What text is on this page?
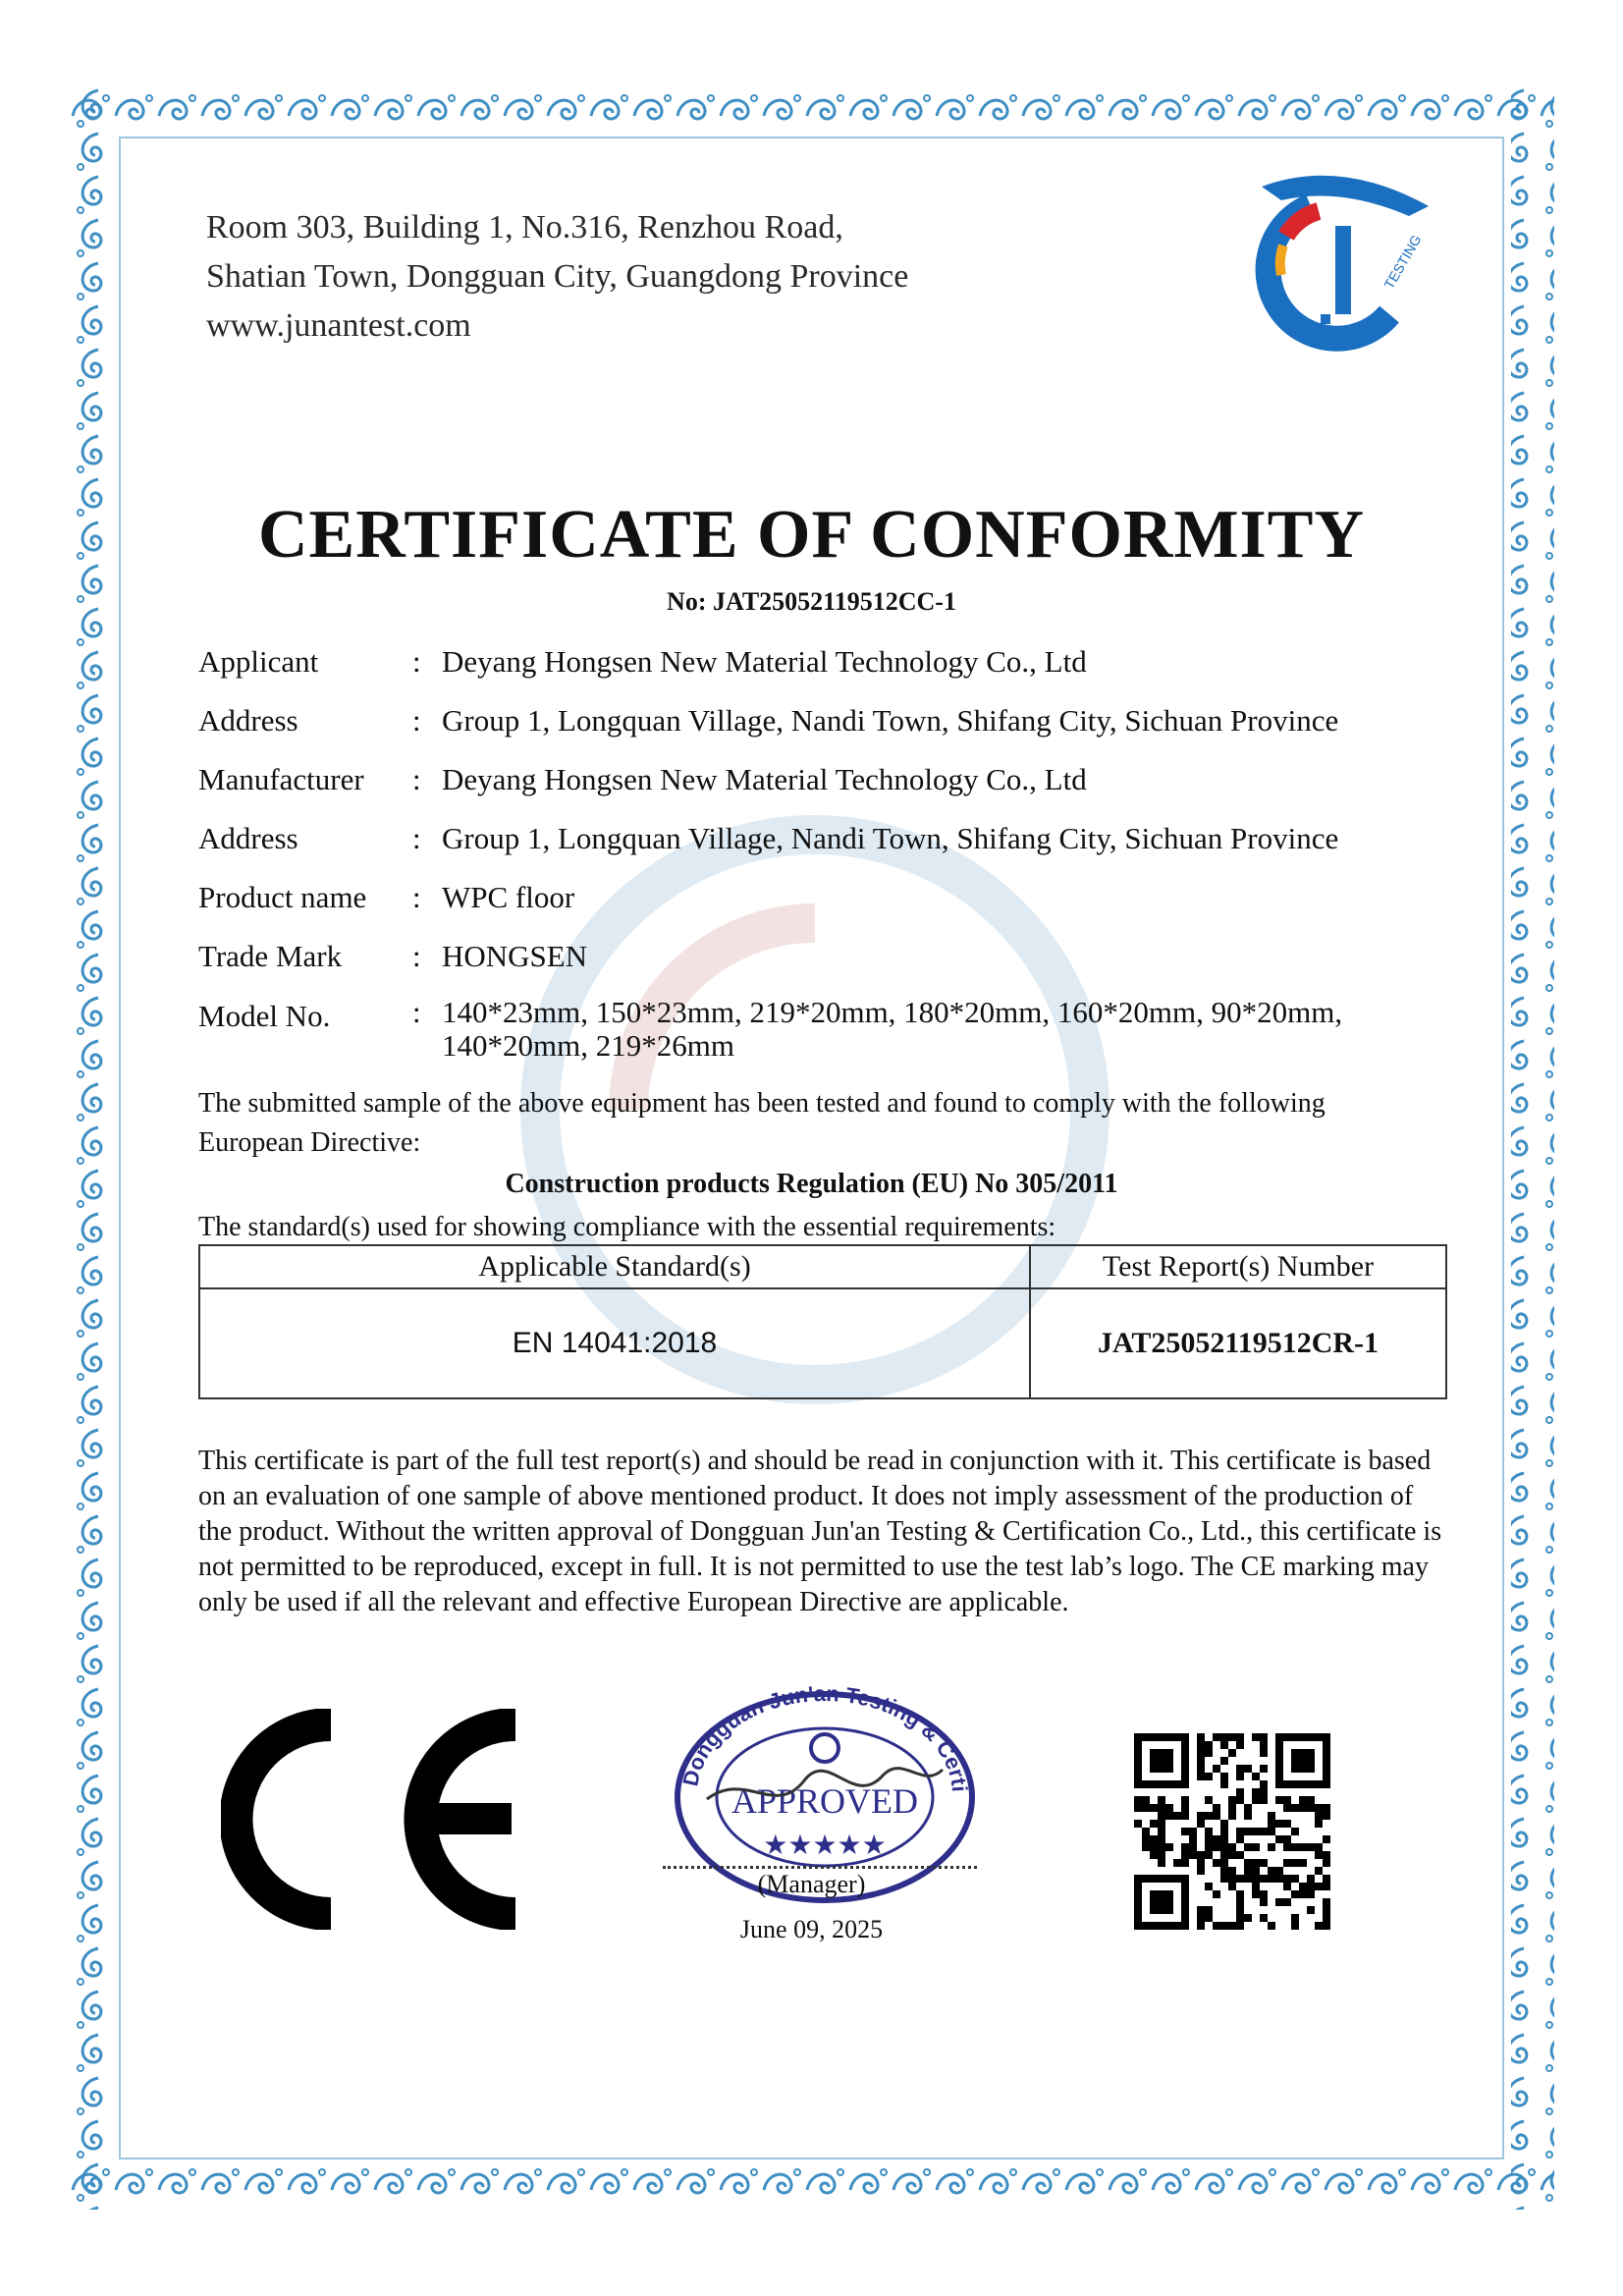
Room 303, Building 1, No.316, Renzhou Road,
Shatian Town, Dongguan City, Guangdong Province
www.junantest.com
TESTING
CERTIFICATE OF CONFORMITY
No: JAT25052119512CC-1
Applicant	: Deyang Hongsen New Material Technology Co., Ltd
Address	: Group 1, Longquan Village, Nandi Town, Shifang City, Sichuan Province
Manufacturer : Deyang Hongsen New Material Technology Co., Ltd
Address	: Group 1, Longquan Village, Nandi Town, Shifang City, Sichuan Province
Product name : WPC floor
Trade Mark : HONGSEN
Model No.	: 140*23mm, 150*23mm, 219*20mm, 180*20mm, 160*20mm, 90*20mm,
140*20mm, 219*26mm
The submitted sample of the above equipment has been tested and found to comply with the following
European Directive:
Construction products Regulation (EU) No 305/2011
The standard(s) used for showing compliance with the essential requirements:
Applicable Standard(s)	Test Report(s) Number
EN 14041:2018	JAT25052119512CR-1
This certificate is part of the full test report(s) and should be read in conjunction with it. This certificate is based on an evaluation of one sample of above mentioned product. It does not imply assessment of the production of the product. Without the written approval of Dongguan Jun'an Testing & Certification Co., Ltd., this certificate is not permitted to be reproduced, except in full. It is not permitted to use the test lab’s logo. The CE marking may only be used if all the relevant and effective European Directive are applicable.
Dongguan Jun'an Testing & Certi
APPROVED
★★★★★
(Manager)
June 09, 2025
